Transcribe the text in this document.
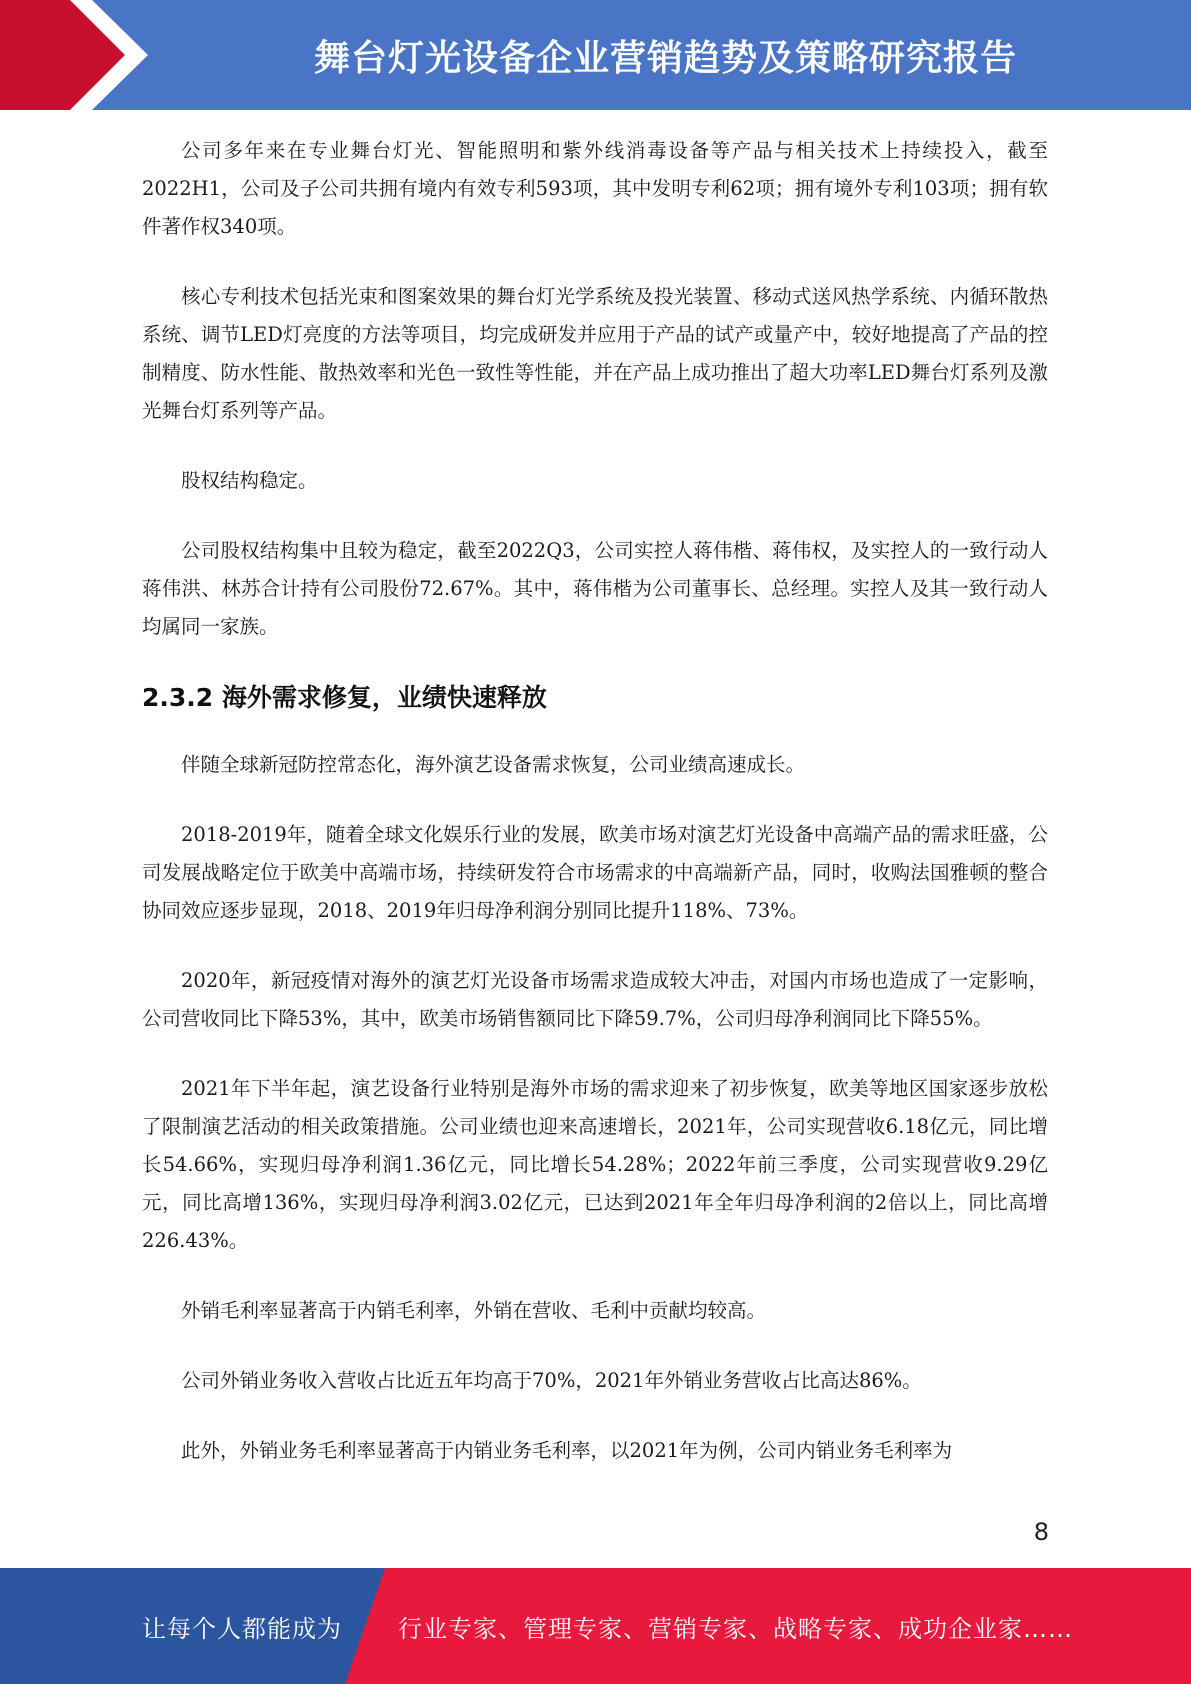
舞台灯光设备企业营销趋势及策略研究报告

公司多年来在专业舞台灯光、智能照明和紫外线消毒设备等产品与相关技术上持续投入，截至2022H1，公司及子公司共拥有境内有效专利593项，其中发明专利62项；拥有境外专利103项；拥有软件著作权340项。

核心专利技术包括光束和图案效果的舞台灯光学系统及投光装置、移动式送风热学系统、内循环散热系统、调节LED灯亮度的方法等项目，均完成研发并应用于产品的试产或量产中，较好地提高了产品的控制精度、防水性能、散热效率和光色一致性等性能，并在产品上成功推出了超大功率LED舞台灯系列及激光舞台灯系列等产品。

股权结构稳定。

公司股权结构集中且较为稳定，截至2022Q3，公司实控人蒋伟楷、蒋伟权，及实控人的一致行动人蒋伟洪、林苏合计持有公司股份72.67%。其中，蒋伟楷为公司董事长、总经理。实控人及其一致行动人均属同一家族。

2.3.2 海外需求修复，业绩快速释放

伴随全球新冠防控常态化，海外演艺设备需求恢复，公司业绩高速成长。

2018-2019年，随着全球文化娱乐行业的发展，欧美市场对演艺灯光设备中高端产品的需求旺盛，公司发展战略定位于欧美中高端市场，持续研发符合市场需求的中高端新产品，同时，收购法国雅顿的整合协同效应逐步显现，2018、2019年归母净利润分别同比提升118%、73%。

2020年，新冠疫情对海外的演艺灯光设备市场需求造成较大冲击，对国内市场也造成了一定影响，公司营收同比下降53%，其中，欧美市场销售额同比下降59.7%，公司归母净利润同比下降55%。

2021年下半年起，演艺设备行业特别是海外市场的需求迎来了初步恢复，欧美等地区国家逐步放松了限制演艺活动的相关政策措施。公司业绩也迎来高速增长，2021年，公司实现营收6.18亿元，同比增长54.66%，实现归母净利润1.36亿元，同比增长54.28%；2022年前三季度，公司实现营收9.29亿元，同比高增136%，实现归母净利润3.02亿元，已达到2021年全年归母净利润的2倍以上，同比高增226.43%。

外销毛利率显著高于内销毛利率，外销在营收、毛利中贡献均较高。

公司外销业务收入营收占比近五年均高于70%，2021年外销业务营收占比高达86%。

此外，外销业务毛利率显著高于内销业务毛利率，以2021年为例，公司内销业务毛利率为

8
让每个人都能成为 行业专家、管理专家、营销专家、战略专家、成功企业家……
